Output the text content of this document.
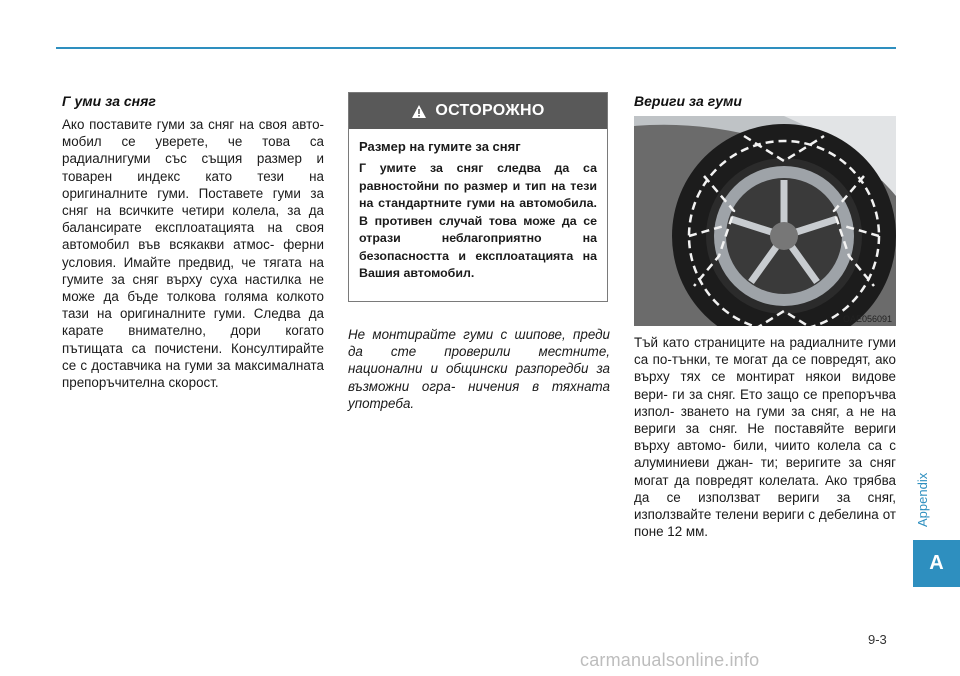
Г уми за сняг

Ако поставите гуми за сняг на своя авто- мобил се уверете, че това са радиалнигуми със същия размер и товарен индекс като тези на оригиналните гуми. Поставете гуми за сняг на всичките четири колела, за да балансирате експлоатацията на своя автомобил във всякакви атмос- ферни условия. Имайте предвид, че тягата на гумите за сняг върху суха настилка не може да бъде толкова голяма колкото тази на оригиналните гуми. Следва да карате внимателно, дори когато пътищата са почистени. Консултирайте се с доставчика на гуми за максималната препоръчителна скорост.

ОСТОРОЖНО

Размер на гумите за сняг

Г умите за сняг следва да са равностойни по размер и тип на тези на стандартните гуми на автомобила. В противен случай това може да се отрази неблагоприятно на безопасността и експлоатацията на Вашия автомобил.

Не монтирайте гуми с шипове, преди да сте проверили местните, национални и общински разпоредби за възможни огра- ничения в тяхната употреба.

Вериги за гуми

OAE056091

Тъй като страниците на радиалните гуми са по-тънки, те могат да се повредят, ако върху тях се монтират някои видове вери- ги за сняг. Ето защо се препоръчва изпол- зването на гуми за сняг, а не на вериги за сняг. Не поставяйте вериги върху автомо- били, чиито колела са с алуминиеви джан- ти; веригите за сняг могат да повредят колелата. Ако трябва да се използват вериги за сняг, използвайте телени вериги с дебелина от поне 12 мм.

Appendix
A
9-3
carmanualsonline.info
